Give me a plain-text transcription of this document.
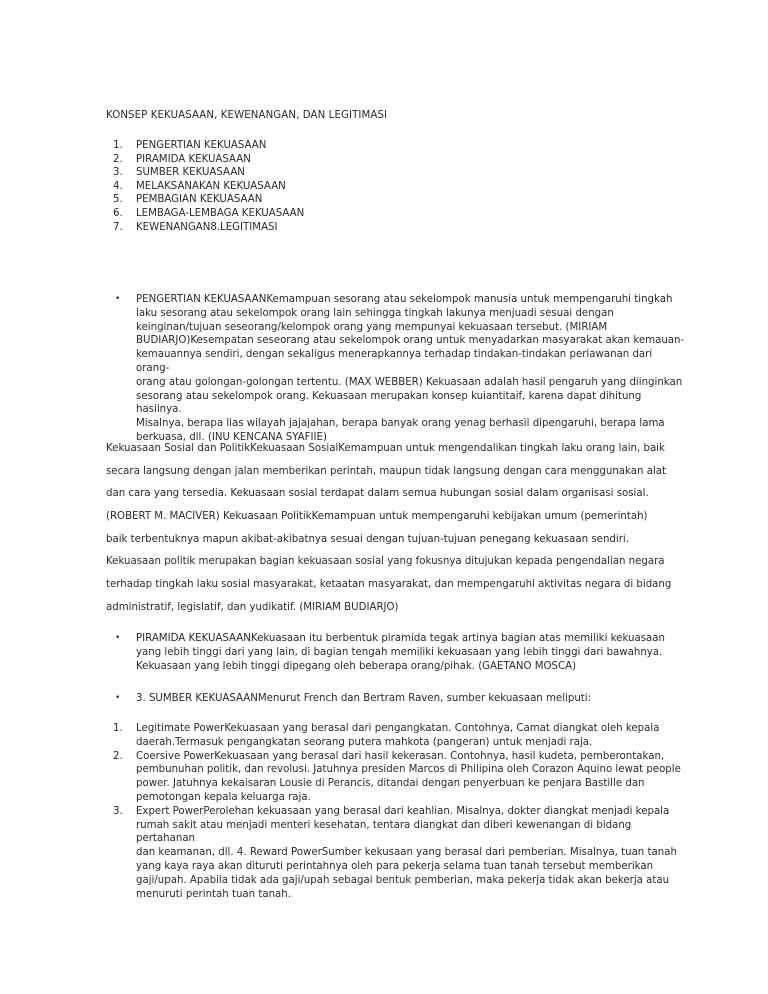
KONSEP KEKUASAAN, KEWENANGAN, DAN LEGITIMASI
1. PENGERTIAN KEKUASAAN
2. PIRAMIDA KEKUASAAN
3. SUMBER KEKUASAAN
4. MELAKSANAKAN KEKUASAAN
5. PEMBAGIAN KEKUASAAN
6. LEMBAGA-LEMBAGA KEKUASAAN
7. KEWENANGAN8.LEGITIMASI
• PENGERTIAN KEKUASAANKemampuan sesorang atau sekelompok manusia untuk mempengaruhi tingkah
laku sesorang atau sekelompok orang lain sehingga tingkah lakunya menjuadi sesuai dengan
keinginan/tujuan seseorang/kelompok orang yang mempunyai kekuasaan tersebut. (MIRIAM
BUDIARJO)Kesempatan seseorang atau sekelompok orang untuk menyadarkan masyarakat akan kemauan-
kemauannya sendiri, dengan sekaligus menerapkannya terhadap tindakan-tindakan perlawanan dari orang-
orang atau golongan-golongan tertentu. (MAX WEBBER) Kekuasaan adalah hasil pengaruh yang diinginkan
sesorang atau sekelompok orang. Kekuasaan merupakan konsep kuiantitaif, karena dapat dihitung hasilnya.
Misalnya, berapa lias wilayah jajajahan, berapa banyak orang yenag berhasil dipengaruhi, berapa lama
berkuasa, dll. (INU KENCANA SYAFIIE)

Kekuasaan Sosial dan PolitikKekuasaan SosialKemampuan untuk mengendalikan tingkah laku orang lain, baik

secara langsung dengan jalan memberikan perintah, maupun tidak langsung dengan cara menggunakan alat

dan cara yang tersedia. Kekuasaan sosial terdapat dalam semua hubungan sosial dalam organisasi sosial.

(ROBERT M. MACIVER) Kekuasaan PolitikKemampuan untuk mempengaruhi kebijakan umum (pemerintah)

baik terbentuknya mapun akibat-akibatnya sesuai dengan tujuan-tujuan penegang kekuasaan sendiri.

Kekuasaan politik merupakan bagian kekuasaan sosial yang fokusnya ditujukan kepada pengendalian negara

terhadap tingkah laku sosial masyarakat, ketaatan masyarakat, dan mempengaruhi aktivitas negara di bidang

administratif, legislatif, dan yudikatif. (MIRIAM BUDIARJO)

• PIRAMIDA KEKUASAANKekuasaan itu berbentuk piramida tegak artinya bagian atas memiliki kekuasaan
yang lebih tinggi dari yang lain, di bagian tengah memiliki kekuasaan yang lebih tinggi dari bawahnya.
Kekuasaan yang lebih tinggi dipegang oleh beberapa orang/pihak. (GAETANO MOSCA)
• 3. SUMBER KEKUASAANMenurut French dan Bertram Raven, sumber kekuasaan meliputi:
1. Legitimate PowerKekuasaan yang berasal dari pengangkatan. Contohnya, Camat diangkat oleh kepala
daerah.Termasuk pengangkatan seorang putera mahkota (pangeran) untuk menjadi raja.
2. Coersive PowerKekuasaan yang berasal dari hasil kekerasan. Contohnya, hasil kudeta, pemberontakan,
pembunuhan politik, dan revolusi. Jatuhnya presiden Marcos di Philipina oleh Corazon Aquino lewat people
power. Jatuhnya kekaisaran Lousie di Perancis, ditandai dengan penyerbuan ke penjara Bastille dan
pemotongan kepala keluarga raja.
3. Expert PowerPerolehan kekuasaan yang berasal dari keahlian. Misalnya, dokter diangkat menjadi kepala
rumah sakit atau menjadi menteri kesehatan, tentara diangkat dan diberi kewenangan di bidang pertahanan
dan keamanan, dll. 4. Reward PowerSumber kekusaan yang berasal dari pemberian. Misalnya, tuan tanah
yang kaya raya akan dituruti perintahnya oleh para pekerja selama tuan tanah tersebut memberikan
gaji/upah. Apabila tidak ada gaji/upah sebagai bentuk pemberian, maka pekerja tidak akan bekerja atau
menuruti perintah tuan tanah.
